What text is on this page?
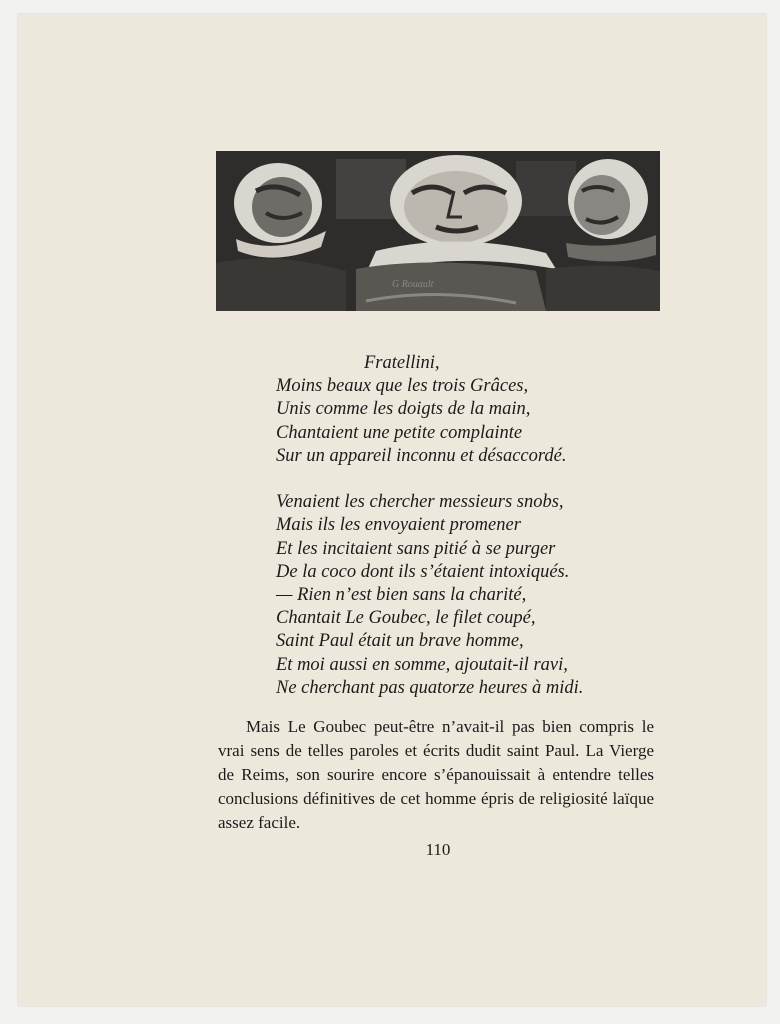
G Rouault
Fratellini,
Moins beaux que les trois Grâces,
Unis comme les doigts de la main,
Chantaient une petite complainte
Sur un appareil inconnu et désaccordé.
Venaient les chercher messieurs snobs,
Mais ils les envoyaient promener
Et les incitaient sans pitié à se purger
De la coco dont ils s’étaient intoxiqués.
— Rien n’est bien sans la charité,
Chantait Le Goubec, le filet coupé,
Saint Paul était un brave homme,
Et moi aussi en somme, ajoutait-il ravi,
Ne cherchant pas quatorze heures à midi.

Mais Le Goubec peut-être n’avait-il pas bien compris le vrai sens de telles paroles et écrits dudit saint Paul. La Vierge de Reims, son sourire encore s’épanouissait à entendre telles conclusions définitives de cet homme épris de religiosité laïque assez facile.

110
